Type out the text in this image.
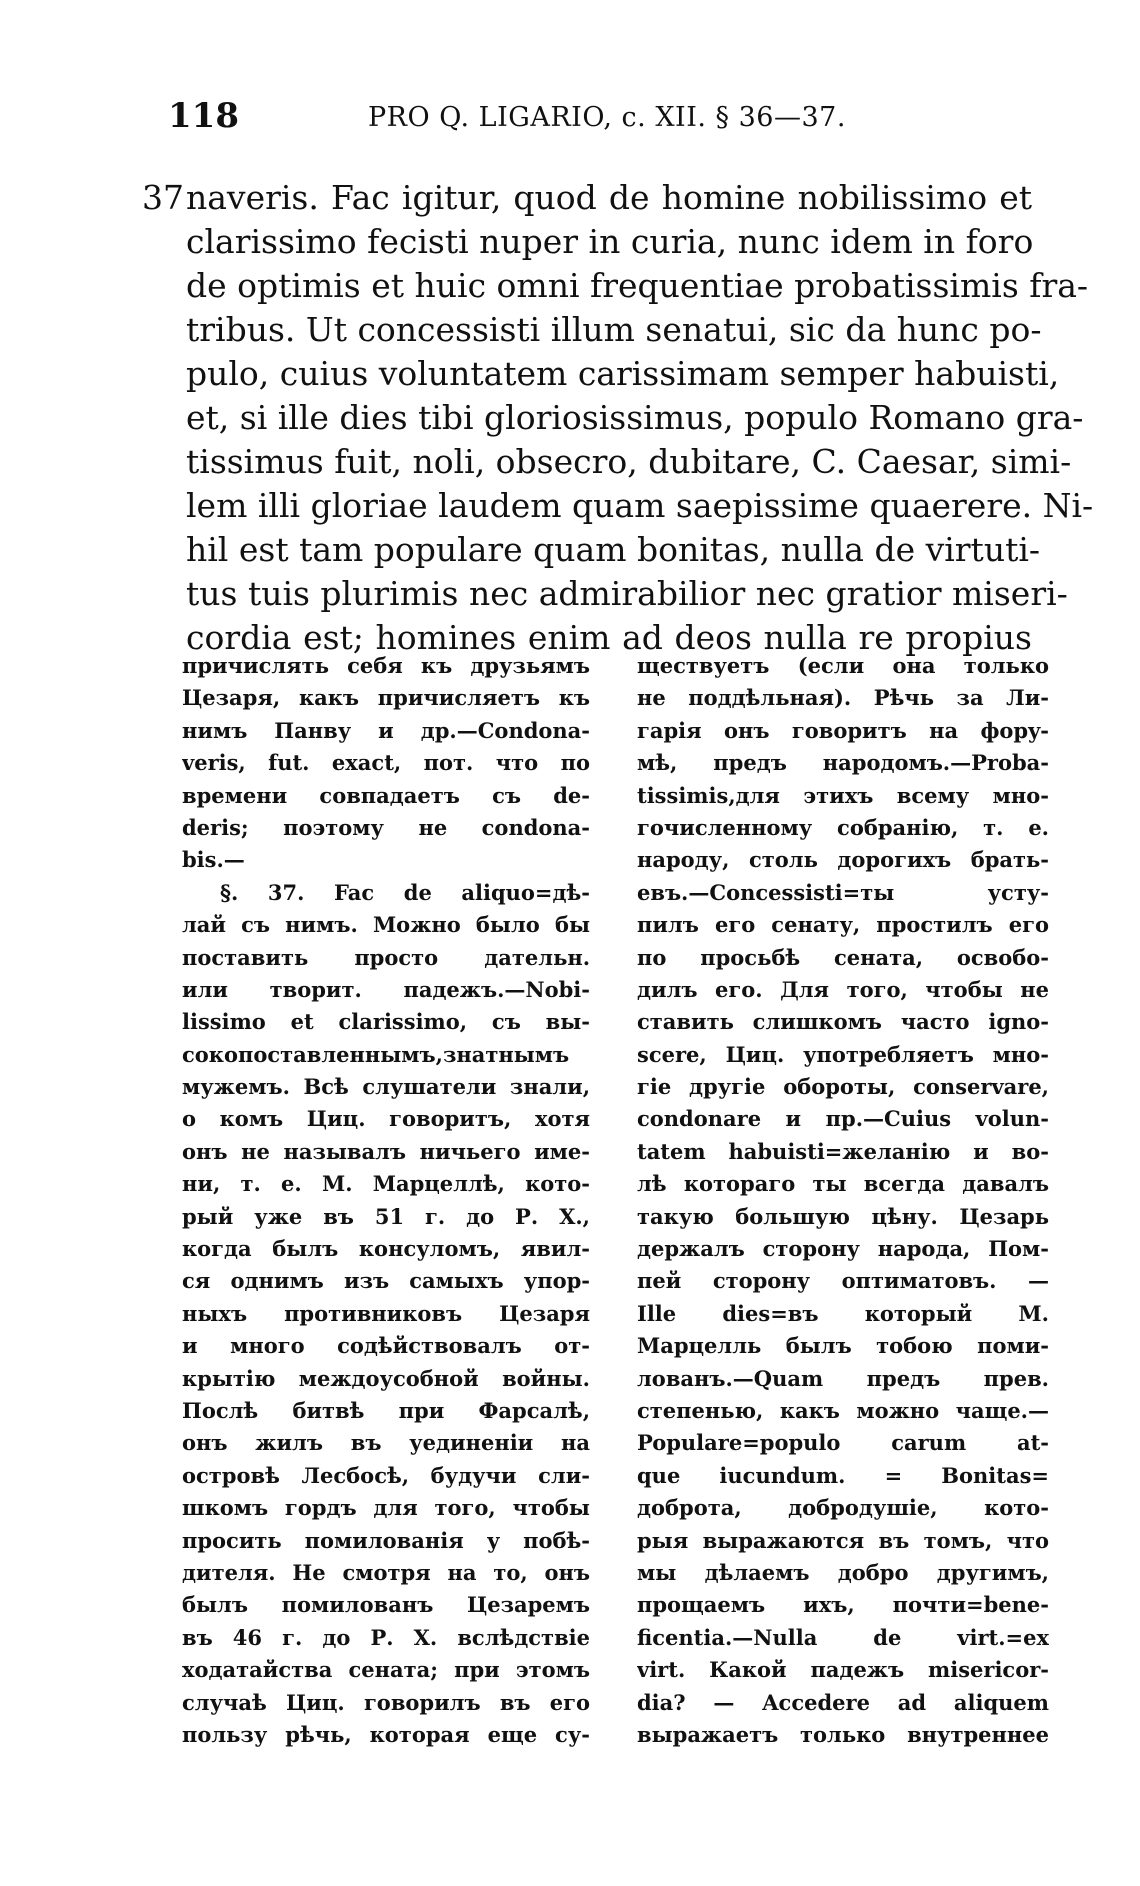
118	PRO Q. LIGARIO, c. XII. § 36—37.
37 naveris. Fac igitur, quod de homine nobilissimo et
clarissimo fecisti nuper in curia, nunc idem in foro
de optimis et huic omni frequentiae probatissimis fra-
tribus. Ut concessisti illum senatui, sic da hunc po-
pulo, cuius voluntatem carissimam semper habuisti,
et, si ille dies tibi gloriosissimus, populo Romano gra-
tissimus fuit, noli, obsecro, dubitare, C. Caesar, simi-
lem illi gloriae laudem quam saepissime quaerere. Ni-
hil est tam populare quam bonitas, nulla de virtuti-
tus tuis plurimis nec admirabilior nec gratior miseri-
cordia est; homines enim ad deos nulla re propius
причислять себя къ друзьямъ
Цезаря, какъ причисляетъ къ
нимъ Панву и др.—Condona-
veris, fut. exact, пот. что по
времени совпадаетъ съ de-
deris; поэтому не condona-
bis.—
§. 37. Fac de aliquo=дѣ-
лай съ нимъ. Можно было бы
поставить просто дательн.
или творит. падежъ.—Nobi-
lissimo et clarissimo, съ вы-
сокопоставленнымъ,знатнымъ
мужемъ. Всѣ слушатели знали,
о комъ Циц. говоритъ, хотя
онъ не называлъ ничьего име-
ни, т. е. М. Марцеллѣ, кото-
рый уже въ 51 г. до Р. Х.,
когда былъ консуломъ, явил-
ся однимъ изъ самыхъ упор-
ныхъ противниковъ Цезаря
и много содѣйствовалъ от-
крытію междоусобной войны.
Послѣ битвѣ при Фарсалѣ,
онъ жилъ въ уединеніи на
островѣ Лесбосѣ, будучи сли-
шкомъ гордъ для того, чтобы
просить помилованія у побѣ-
дителя. Не смотря на то, онъ
былъ помилованъ Цезаремъ
въ 46 г. до Р. Х. вслѣдствіе
ходатайства сената; при этомъ
случаѣ Циц. говорилъ въ его
пользу рѣчь, которая еще су-
ществуетъ (если она только
не поддѣльная). Рѣчь за Ли-
гарія онъ говоритъ на форy-
мѣ, предъ народомъ.—Proba-
tissimis,для этихъ всему мно-
гочисленному собранію, т. е.
народу, столь дорогихъ брать-
евъ.—Concessisti=ты усту-
пилъ его сенату, простилъ его
по просьбѣ сената, освобо-
дилъ его. Для того, чтобы не
ставить слишкомъ часто igno-
scere, Циц. употребляетъ мно-
гіе другіе обороты, conservare,
condonare и пр.—Cuius volun-
tatem habuisti=желанію и во-
лѣ котораго ты всегда давалъ
такую большую цѣну. Цезарь
держалъ сторону народа, Пом-
пей сторону оптиматовъ. —
Ille dies=въ который М.
Марцелль былъ тобою поми-
лованъ.—Quam предъ прев.
степенью, какъ можно чаще.—
Populare=populo carum at-
que iucundum. = Bonitas=
доброта, добродушіе, кото-
рыя выражаются въ томъ, что
мы дѣлаемъ добро другимъ,
прощаемъ ихъ, почти=bene-
ficentia.—Nulla de virt.=ex
virt. Какой падежъ misericor-
dia? — Accedere ad aliquem
выражаетъ только внутреннее
